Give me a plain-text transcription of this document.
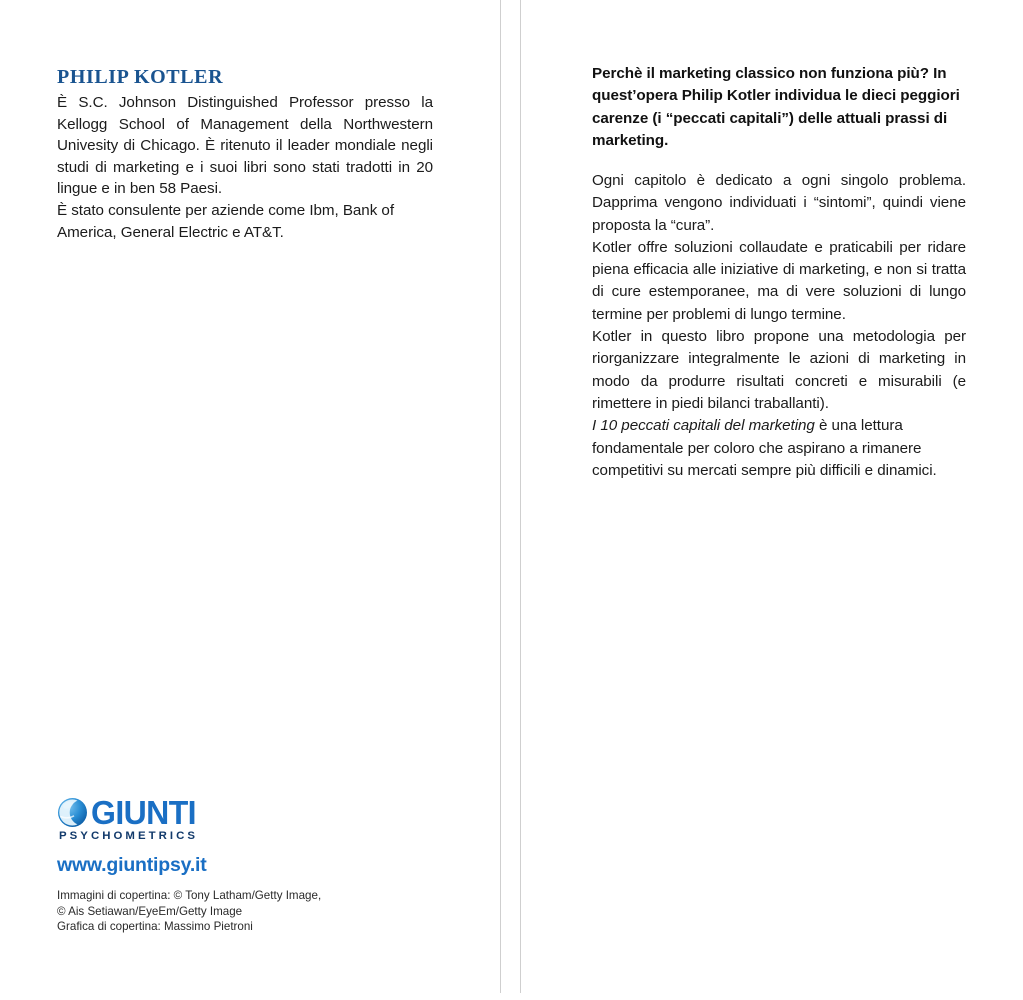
PHILIP KOTLER

È S.C. Johnson Distinguished Professor presso la Kellogg School of Management della Northwestern Univesity di Chicago. È ritenuto il leader mondiale negli studi di marketing e i suoi libri sono stati tradotti in 20 lingue e in ben 58 Paesi.

È stato consulente per aziende come Ibm, Bank of America, General Electric e AT&T.

GIUNTI
PSYCHOMETRICS
www.giuntipsy.it
Immagini di copertina: © Tony Latham/Getty Image,
© Ais Setiawan/EyeEm/Getty Image
Grafica di copertina: Massimo Pietroni

Perchè il marketing classico non funziona più? In quest’opera Philip Kotler individua le dieci peggiori carenze (i “peccati capitali”) delle attuali prassi di marketing.

Ogni capitolo è dedicato a ogni singolo problema. Dapprima vengono individuati i “sintomi”, quindi viene proposta la “cura”.

Kotler offre soluzioni collaudate e praticabili per ridare piena efficacia alle iniziative di marketing, e non si tratta di cure estemporanee, ma di vere soluzioni di lungo termine per problemi di lungo termine.

Kotler in questo libro propone una metodologia per riorganizzare integralmente le azioni di marketing in modo da produrre risultati concreti e misurabili (e rimettere in piedi bilanci traballanti).

I 10 peccati capitali del marketing è una lettura fondamentale per coloro che aspirano a rimanere competitivi su mercati sempre più difficili e dinamici.
